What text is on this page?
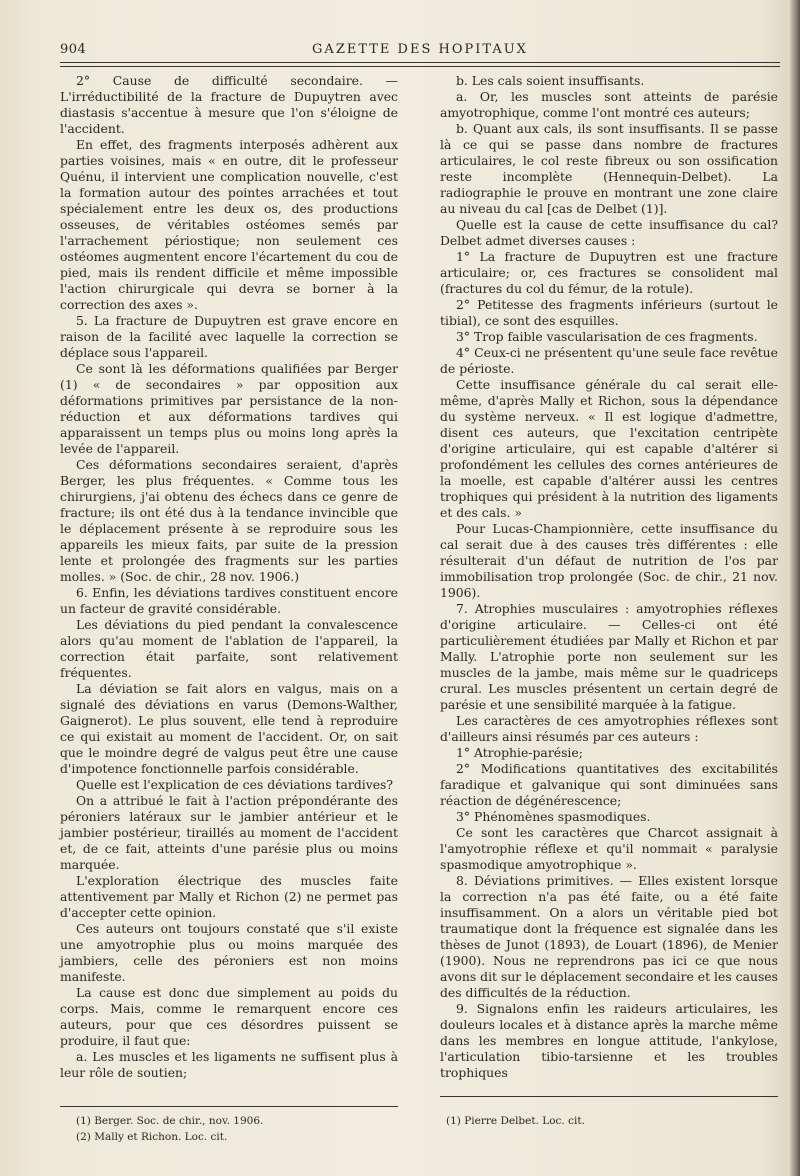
904	GAZETTE DES HOPITAUX

2° Cause de difficulté secondaire. — L'irréductibilité de la fracture de Dupuytren avec diastasis s'accentue à mesure que l'on s'éloigne de l'accident.

En effet, des fragments interposés adhèrent aux parties voisines, mais « en outre, dit le professeur Quénu, il intervient une complication nouvelle, c'est la formation autour des pointes arrachées et tout spécialement entre les deux os, des productions osseuses, de véritables ostéomes semés par l'arrachement périostique; non seulement ces ostéomes augmentent encore l'écartement du cou de pied, mais ils rendent difficile et même impossible l'action chirurgicale qui devra se borner à la correction des axes ».

5. La fracture de Dupuytren est grave encore en raison de la facilité avec laquelle la correction se déplace sous l'appareil.

Ce sont là les déformations qualifiées par Berger (1) « de secondaires » par opposition aux déformations primitives par persistance de la non-réduction et aux déformations tardives qui apparaissent un temps plus ou moins long après la levée de l'appareil.

Ces déformations secondaires seraient, d'après Berger, les plus fréquentes. « Comme tous les chirurgiens, j'ai obtenu des échecs dans ce genre de fracture; ils ont été dus à la tendance invincible que le déplacement présente à se reproduire sous les appareils les mieux faits, par suite de la pression lente et prolongée des fragments sur les parties molles. » (Soc. de chir., 28 nov. 1906.)

6. Enfin, les déviations tardives constituent encore un facteur de gravité considérable.

Les déviations du pied pendant la convalescence alors qu'au moment de l'ablation de l'appareil, la correction était parfaite, sont relativement fréquentes.

La déviation se fait alors en valgus, mais on a signalé des déviations en varus (Demons-Walther, Gaignerot). Le plus souvent, elle tend à reproduire ce qui existait au moment de l'accident. Or, on sait que le moindre degré de valgus peut être une cause d'impotence fonctionnelle parfois considérable.

Quelle est l'explication de ces déviations tardives?

On a attribué le fait à l'action prépondérante des péroniers latéraux sur le jambier antérieur et le jambier postérieur, tiraillés au moment de l'accident et, de ce fait, atteints d'une parésie plus ou moins marquée.

L'exploration électrique des muscles faite attentivement par Mally et Richon (2) ne permet pas d'accepter cette opinion.

Ces auteurs ont toujours constaté que s'il existe une amyotrophie plus ou moins marquée des jambiers, celle des péroniers est non moins manifeste.

La cause est donc due simplement au poids du corps. Mais, comme le remarquent encore ces auteurs, pour que ces désordres puissent se produire, il faut que:

a. Les muscles et les ligaments ne suffisent plus à leur rôle de soutien;

(1) Berger. Soc. de chir., nov. 1906.
(2) Mally et Richon. Loc. cit.

b. Les cals soient insuffisants.

a. Or, les muscles sont atteints de parésie amyotrophique, comme l'ont montré ces auteurs;

b. Quant aux cals, ils sont insuffisants. Il se passe là ce qui se passe dans nombre de fractures articulaires, le col reste fibreux ou son ossification reste incomplète (Hennequin-Delbet). La radiographie le prouve en montrant une zone claire au niveau du cal [cas de Delbet (1)].

Quelle est la cause de cette insuffisance du cal? Delbet admet diverses causes :

1° La fracture de Dupuytren est une fracture articulaire; or, ces fractures se consolident mal (fractures du col du fémur, de la rotule).

2° Petitesse des fragments inférieurs (surtout le tibial), ce sont des esquilles.

3° Trop faible vascularisation de ces fragments.

4° Ceux-ci ne présentent qu'une seule face revêtue de périoste.

Cette insuffisance générale du cal serait elle-même, d'après Mally et Richon, sous la dépendance du système nerveux. « Il est logique d'admettre, disent ces auteurs, que l'excitation centripète d'origine articulaire, qui est capable d'altérer si profondément les cellules des cornes antérieures de la moelle, est capable d'altérer aussi les centres trophiques qui président à la nutrition des ligaments et des cals. »

Pour Lucas-Championnière, cette insuffisance du cal serait due à des causes très différentes : elle résulterait d'un défaut de nutrition de l'os par immobilisation trop prolongée (Soc. de chir., 21 nov. 1906).

7. Atrophies musculaires : amyotrophies réflexes d'origine articulaire. — Celles-ci ont été particulièrement étudiées par Mally et Richon et par Mally. L'atrophie porte non seulement sur les muscles de la jambe, mais même sur le quadriceps crural. Les muscles présentent un certain degré de parésie et une sensibilité marquée à la fatigue.

Les caractères de ces amyotrophies réflexes sont d'ailleurs ainsi résumés par ces auteurs :

1° Atrophie-parésie;

2° Modifications quantitatives des excitabilités faradique et galvanique qui sont diminuées sans réaction de dégénérescence;

3° Phénomènes spasmodiques.

Ce sont les caractères que Charcot assignait à l'amyotrophie réflexe et qu'il nommait « paralysie spasmodique amyotrophique ».

8. Déviations primitives. — Elles existent lorsque la correction n'a pas été faite, ou a été faite insuffisamment. On a alors un véritable pied bot traumatique dont la fréquence est signalée dans les thèses de Junot (1893), de Louart (1896), de Menier (1900). Nous ne reprendrons pas ici ce que nous avons dit sur le déplacement secondaire et les causes des difficultés de la réduction.

9. Signalons enfin les raideurs articulaires, les douleurs locales et à distance après la marche même dans les membres en longue attitude, l'ankylose, l'articulation tibio-tarsienne et les troubles trophiques

(1) Pierre Delbet. Loc. cit.
